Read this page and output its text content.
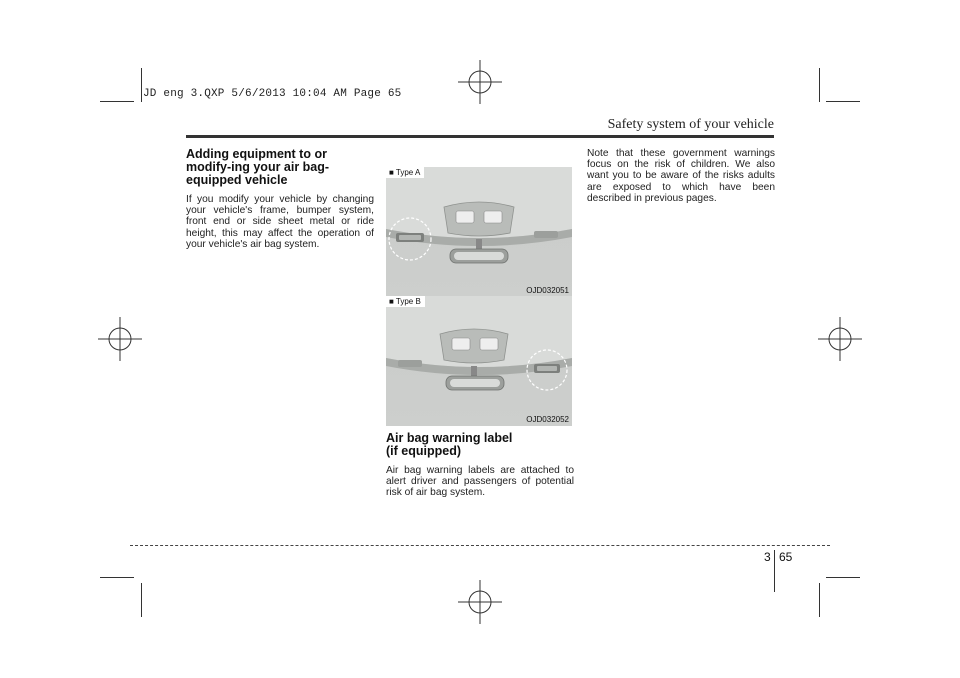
JD eng 3.QXP 5/6/2013 10:04 AM Page 65
Safety system of your vehicle
Adding equipment to or modify-ing your air bag-equipped vehicle

If you modify your vehicle by changing your vehicle's frame, bumper system, front end or side sheet metal or ride height, this may affect the operation of your vehicle's air bag system.

■ Type A
OJD032051
■ Type B
OJD032052
Air bag warning label
(if equipped)

Air bag warning labels are attached to alert driver and passengers of potential risk of air bag system.

Note that these government warnings focus on the risk of children. We also want you to be aware of the risks adults are exposed to which have been described in previous pages.

3 65
